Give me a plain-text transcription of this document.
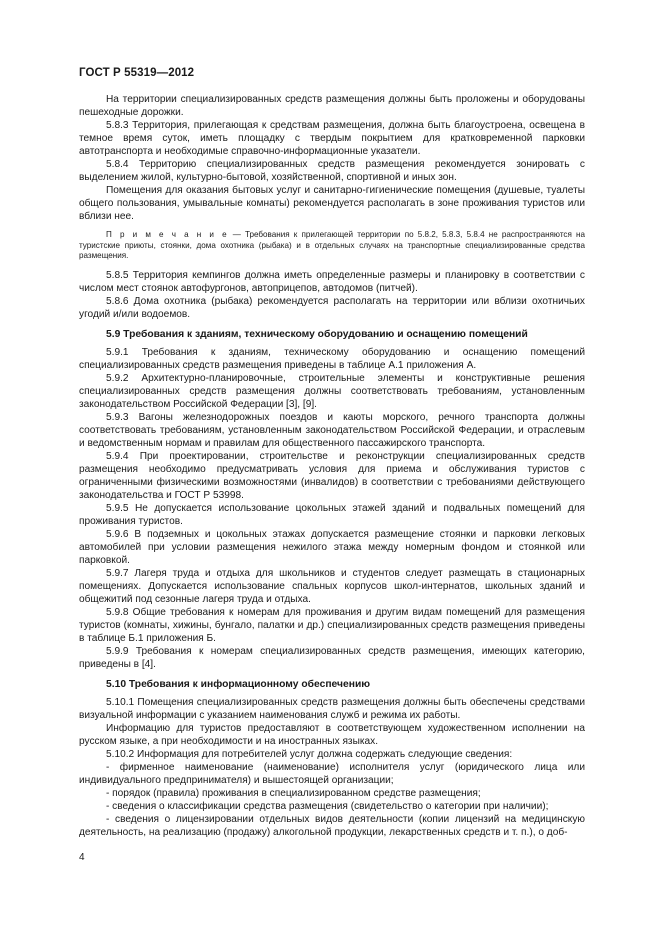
ГОСТ Р 55319—2012

На территории специализированных средств размещения должны быть проложены и оборудованы пешеходные дорожки.

5.8.3 Территория, прилегающая к средствам размещения, должна быть благоустроена, освещена в темное время суток, иметь площадку с твердым покрытием для кратковременной парковки автотранспорта и необходимые справочно-информационные указатели.

5.8.4 Территорию специализированных средств размещения рекомендуется зонировать с выделением жилой, культурно-бытовой, хозяйственной, спортивной и иных зон.

Помещения для оказания бытовых услуг и санитарно-гигиенические помещения (душевые, туалеты общего пользования, умывальные комнаты) рекомендуется располагать в зоне проживания туристов или вблизи нее.

П р и м е ч а н и е — Требования к прилегающей территории по 5.8.2, 5.8.3, 5.8.4 не распространяются на туристские приюты, стоянки, дома охотника (рыбака) и в отдельных случаях на транспортные специализированные средства размещения.

5.8.5 Территория кемпингов должна иметь определенные размеры и планировку в соответствии с числом мест стоянок автофургонов, автоприцепов, автодомов (питчей).

5.8.6 Дома охотника (рыбака) рекомендуется располагать на территории или вблизи охотничьих угодий и/или водоемов.

5.9 Требования к зданиям, техническому оборудованию и оснащению помещений

5.9.1 Требования к зданиям, техническому оборудованию и оснащению помещений специализированных средств размещения приведены в таблице А.1 приложения А.

5.9.2 Архитектурно-планировочные, строительные элементы и конструктивные решения специализированных средств размещения должны соответствовать требованиям, установленным законодательством Российской Федерации [3], [9].

5.9.3 Вагоны железнодорожных поездов и каюты морского, речного транспорта должны соответствовать требованиям, установленным законодательством Российской Федерации, и отраслевым и ведомственным нормам и правилам для общественного пассажирского транспорта.

5.9.4 При проектировании, строительстве и реконструкции специализированных средств размещения необходимо предусматривать условия для приема и обслуживания туристов с ограниченными физическими возможностями (инвалидов) в соответствии с требованиями действующего законодательства и ГОСТ Р 53998.

5.9.5 Не допускается использование цокольных этажей зданий и подвальных помещений для проживания туристов.

5.9.6 В подземных и цокольных этажах допускается размещение стоянки и парковки легковых автомобилей при условии размещения нежилого этажа между номерным фондом и стоянкой или парковкой.

5.9.7 Лагеря труда и отдыха для школьников и студентов следует размещать в стационарных помещениях. Допускается использование спальных корпусов школ-интернатов, школьных зданий и общежитий под сезонные лагеря труда и отдыха.

5.9.8 Общие требования к номерам для проживания и другим видам помещений для размещения туристов (комнаты, хижины, бунгало, палатки и др.) специализированных средств размещения приведены в таблице Б.1 приложения Б.

5.9.9 Требования к номерам специализированных средств размещения, имеющих категорию, приведены в [4].

5.10 Требования к информационному обеспечению

5.10.1 Помещения специализированных средств размещения должны быть обеспечены средствами визуальной информации с указанием наименования служб и режима их работы.

Информацию для туристов предоставляют в соответствующем художественном исполнении на русском языке, а при необходимости и на иностранных языках.

5.10.2 Информация для потребителей услуг должна содержать следующие сведения:

- фирменное наименование (наименование) исполнителя услуг (юридического лица или индивидуального предпринимателя) и вышестоящей организации;

- порядок (правила) проживания в специализированном средстве размещения;

- сведения о классификации средства размещения (свидетельство о категории при наличии);

- сведения о лицензировании отдельных видов деятельности (копии лицензий на медицинскую деятельность, на реализацию (продажу) алкогольной продукции, лекарственных средств и т. п.), о доб-

4
